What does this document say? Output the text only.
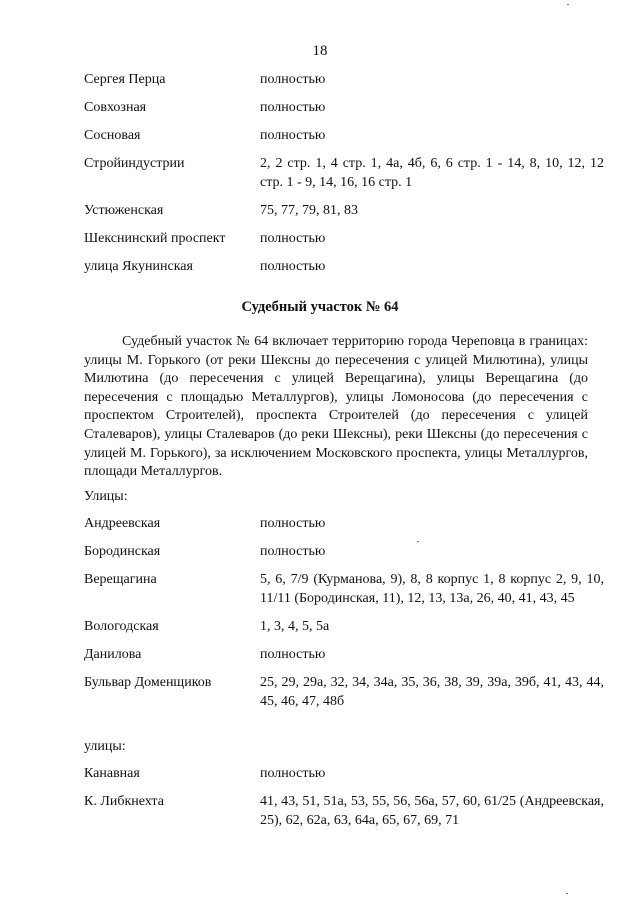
18
Сергея Перца	полностью
Совхозная	полностью
Сосновая	полностью
Стройиндустрии	2, 2 стр. 1, 4 стр. 1, 4а, 4б, 6, 6 стр. 1 - 14, 8, 10, 12, 12 стр. 1 - 9, 14, 16, 16 стр. 1
Устюженская	75, 77, 79, 81, 83
Шекснинский проспект	полностью
улица Якунинская	полностью
Судебный участок № 64

Судебный участок № 64 включает территорию города Череповца в границах: улицы М. Горького (от реки Шексны до пересечения с улицей Милютина), улицы Милютина (до пересечения с улицей Верещагина), улицы Верещагина (до пересечения с площадью Металлургов), улицы Ломоносова (до пересечения с проспектом Строителей), проспекта Строителей (до пересечения с улицей Сталеваров), улицы Сталеваров (до реки Шексны), реки Шексны (до пересечения с улицей М. Горького), за исключением Московского проспекта, улицы Металлургов, площади Металлургов.

Улицы:
Андреевская	полностью
Бородинская	полностью
Верещагина	5, 6, 7/9 (Курманова, 9), 8, 8 корпус 1, 8 корпус 2, 9, 10, 11/11 (Бородинская, 11), 12, 13, 13а, 26, 40, 41, 43, 45
Вологодская	1, 3, 4, 5, 5а
Данилова	полностью
Бульвар Доменщиков	25, 29, 29а, 32, 34, 34а, 35, 36, 38, 39, 39а, 39б, 41, 43, 44, 45, 46, 47, 48б
улицы:
Канавная	полностью
К. Либкнехта	41, 43, 51, 51а, 53, 55, 56, 56а, 57, 60, 61/25 (Андреевская, 25), 62, 62а, 63, 64а, 65, 67, 69, 71
